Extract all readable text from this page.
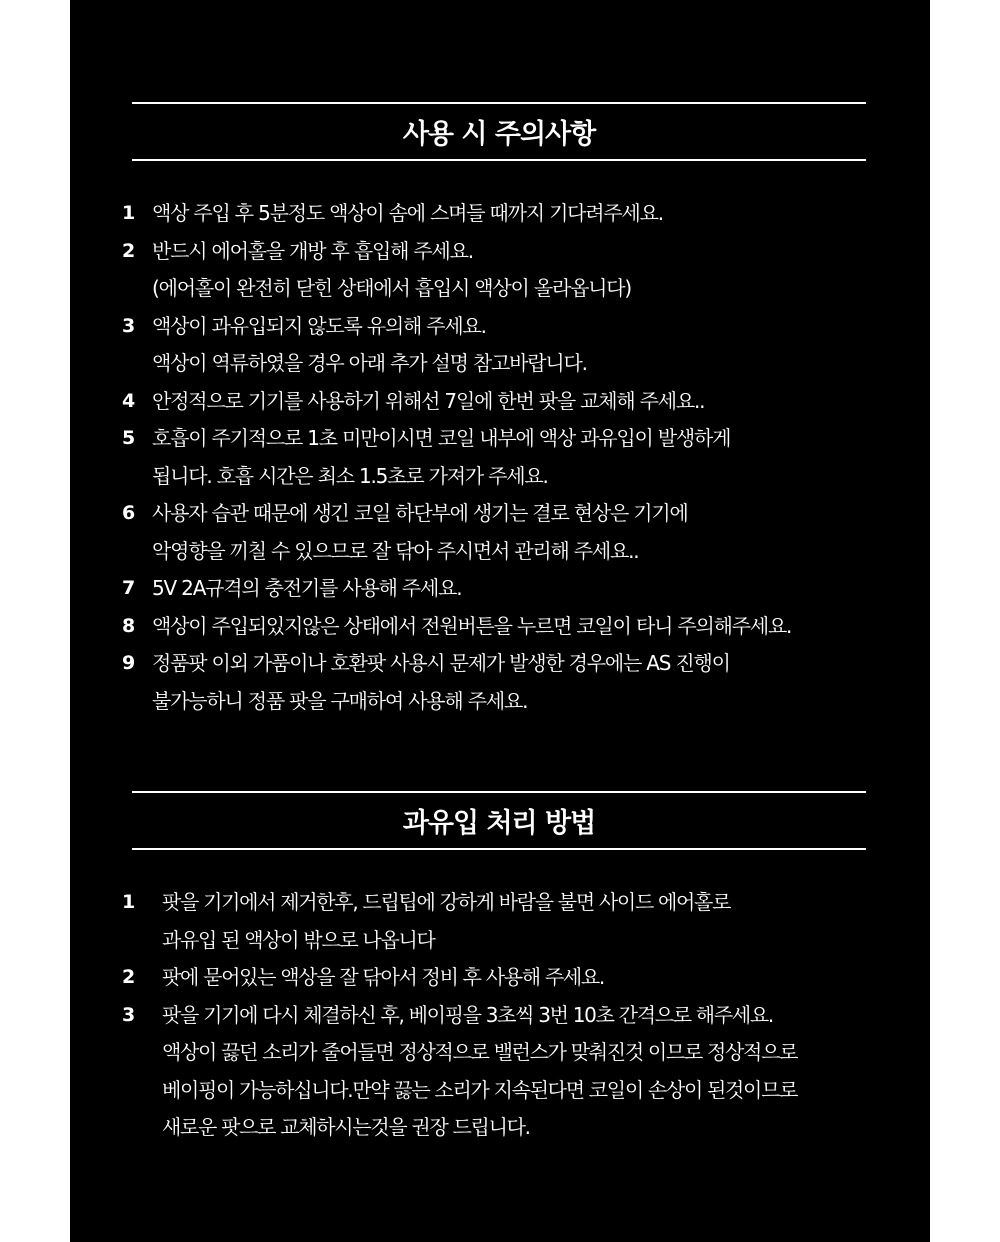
사용 시 주의사항
1 액상 주입 후 5분정도 액상이 솜에 스며들 때까지 기다려주세요.
2 반드시 에어홀을 개방 후 흡입해 주세요.
(에어홀이 완전히 닫힌 상태에서 흡입시 액상이 올라옵니다)
3 액상이 과유입되지 않도록 유의해 주세요.
액상이 역류하였을 경우 아래 추가 설명 참고바랍니다.
4 안정적으로 기기를 사용하기 위해선 7일에 한번 팟을 교체해 주세요..
5 호흡이 주기적으로 1초 미만이시면 코일 내부에 액상 과유입이 발생하게
됩니다. 호흡 시간은 최소 1.5초로 가져가 주세요.
6 사용자 습관 때문에 생긴 코일 하단부에 생기는 결로 현상은 기기에
악영향을 끼칠 수 있으므로 잘 닦아 주시면서 관리해 주세요..
7 5V 2A규격의 충전기를 사용해 주세요.
8 액상이 주입되있지않은 상태에서 전원버튼을 누르면 코일이 타니 주의해주세요.
9 정품팟 이외 가품이나 호환팟 사용시 문제가 발생한 경우에는 AS 진행이
불가능하니 정품 팟을 구매하여 사용해 주세요.
과유입 처리 방법
1	팟을 기기에서 제거한후, 드립팁에 강하게 바람을 불면 사이드 에어홀로
과유입 된 액상이 밖으로 나옵니다
2	팟에 묻어있는 액상을 잘 닦아서 정비 후 사용해 주세요.
3	팟을 기기에 다시 체결하신 후, 베이핑을 3초씩 3번 10초 간격으로 해주세요.
액상이 끓던 소리가 줄어들면 정상적으로 밸런스가 맞춰진것 이므로 정상적으로
베이핑이 가능하십니다.만약 끓는 소리가 지속된다면 코일이 손상이 된것이므로
새로운 팟으로 교체하시는것을 권장 드립니다.
